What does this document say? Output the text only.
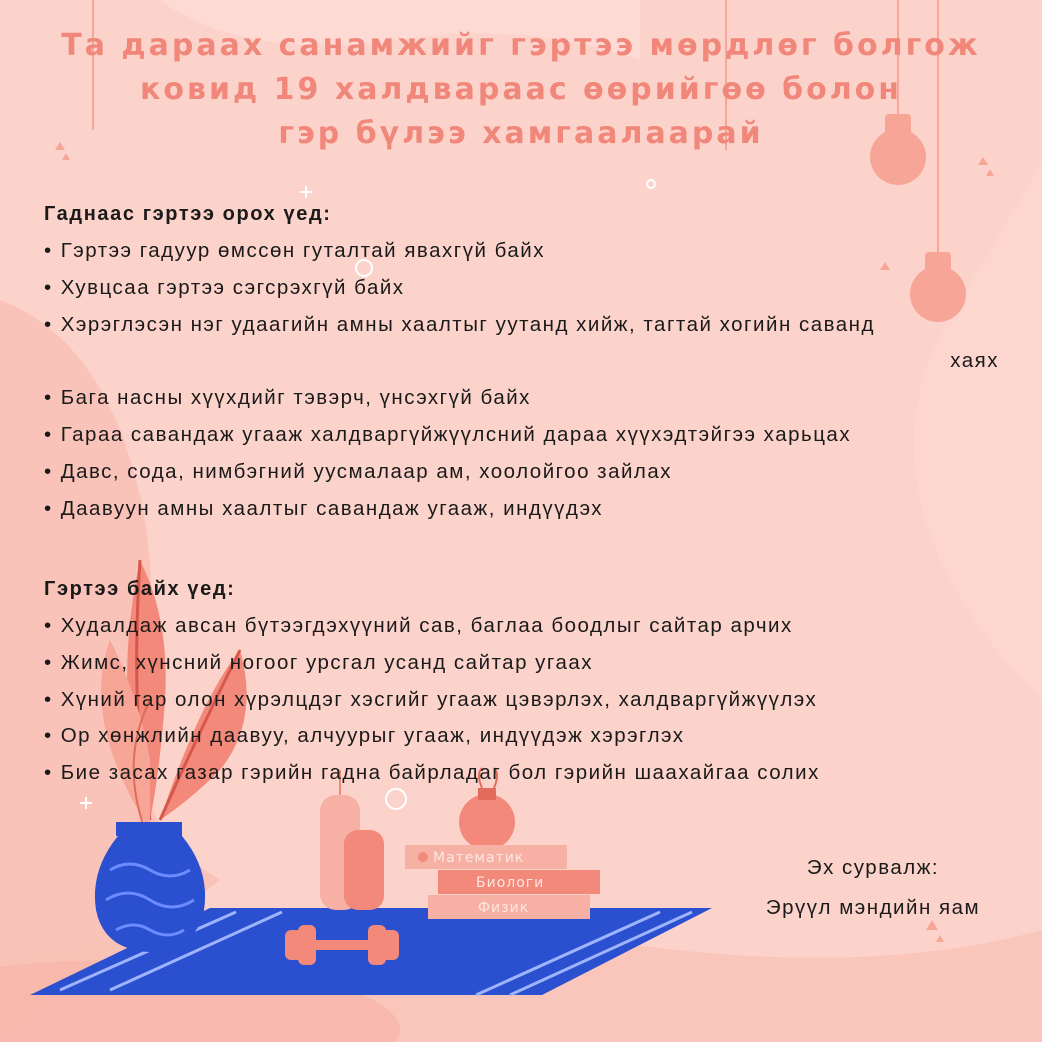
Математик
Биологи
Физик
Та дараах санамжийг гэртээ мөрдлөг болгож
ковид 19 халдвараас өөрийгөө болон
гэр бүлээ хамгаалаарай
Гаднаас гэртээ орох үед:
• Гэртээ гадуур өмссөн гуталтай явахгүй байх
• Хувцсаа гэртээ сэгсрэхгүй байх
• Хэрэглэсэн нэг удаагийн амны хаалтыг уутанд хийж, тагтай хогийн саванд
хаях
• Бага насны хүүхдийг тэвэрч, үнсэхгүй байх
• Гараа савандаж угааж халдваргүйжүүлсний дараа хүүхэдтэйгээ харьцах
• Давс, сода, нимбэгний уусмалаар ам, хоолойгоо зайлах
• Даавуун амны хаалтыг савандаж угааж, индүүдэх
Гэртээ байх үед:
• Худалдаж авсан бүтээгдэхүүний сав, баглаа боодлыг сайтар арчих
• Жимс, хүнсний ногоог урсгал усанд сайтар угаах
• Хүний гар олон хүрэлцдэг хэсгийг угааж цэвэрлэх, халдваргүйжүүлэх
• Ор хөнжлийн даавуу, алчуурыг угааж, индүүдэж хэрэглэх
• Бие засах газар гэрийн гадна байрладаг бол гэрийн шаахайгаа солих
Эх сурвалж:
Эрүүл мэндийн яам
